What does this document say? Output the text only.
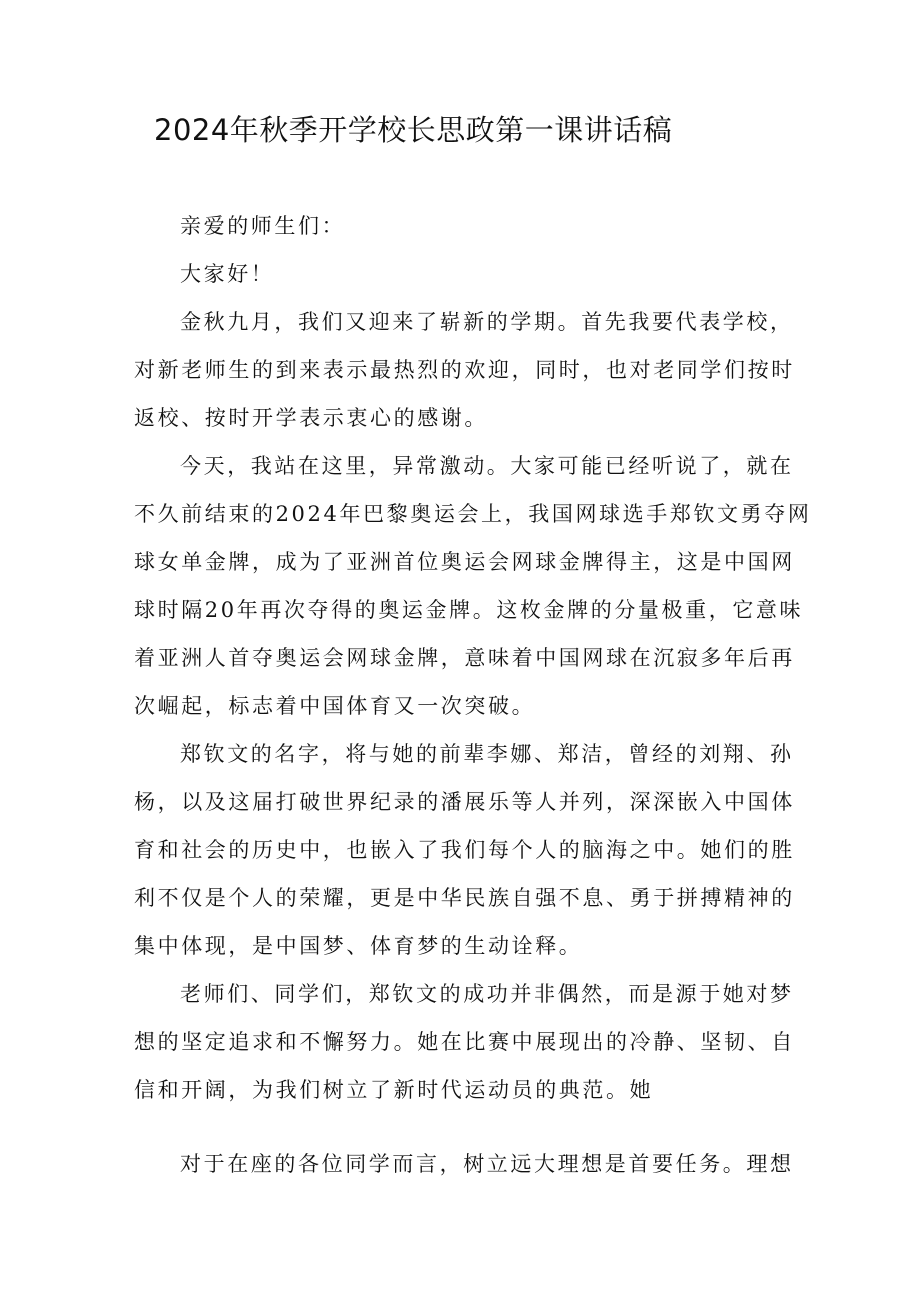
2024年秋季开学校长思政第一课讲话稿
亲爱的师生们：
大家好！
金秋九月，我们又迎来了崭新的学期。首先我要代表学校，
对新老师生的到来表示最热烈的欢迎，同时，也对老同学们按时
返校、按时开学表示衷心的感谢。
今天，我站在这里，异常激动。大家可能已经听说了，就在
不久前结束的2024年巴黎奥运会上，我国网球选手郑钦文勇夺网
球女单金牌，成为了亚洲首位奥运会网球金牌得主，这是中国网
球时隔20年再次夺得的奥运金牌。这枚金牌的分量极重，它意味
着亚洲人首夺奥运会网球金牌，意味着中国网球在沉寂多年后再
次崛起，标志着中国体育又一次突破。
郑钦文的名字，将与她的前辈李娜、郑洁，曾经的刘翔、孙
杨，以及这届打破世界纪录的潘展乐等人并列，深深嵌入中国体
育和社会的历史中，也嵌入了我们每个人的脑海之中。她们的胜
利不仅是个人的荣耀，更是中华民族自强不息、勇于拼搏精神的
集中体现，是中国梦、体育梦的生动诠释。
老师们、同学们，郑钦文的成功并非偶然，而是源于她对梦
想的坚定追求和不懈努力。她在比赛中展现出的冷静、坚韧、自
信和开阔，为我们树立了新时代运动员的典范。她
对于在座的各位同学而言，树立远大理想是首要任务。理想
